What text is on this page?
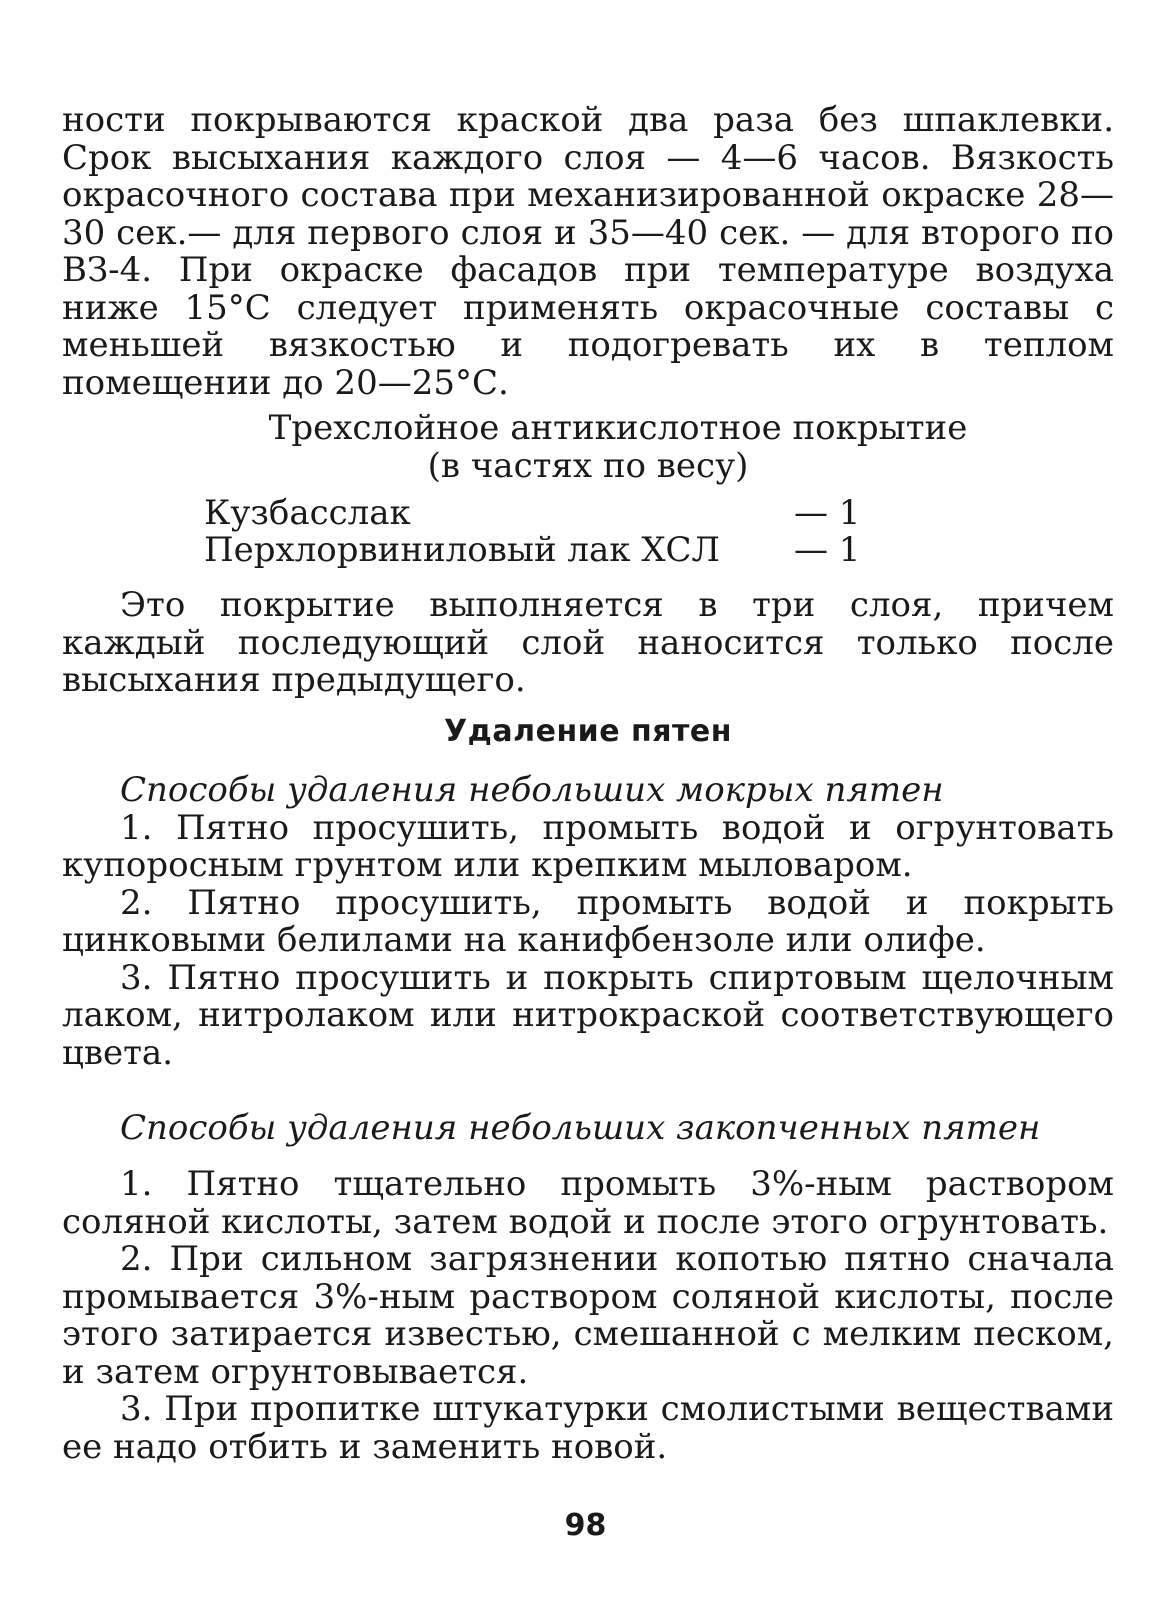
ности покрываются краской два раза без шпаклевки. Срок высыхания каждого слоя — 4—6 часов. Вязкость окрасочного состава при механизированной окраске 28—30 сек.— для первого слоя и 35—40 сек. — для второго по ВЗ-4. При окраске фасадов при температуре воздуха ниже 15°С следует применять окрасочные составы с меньшей вязкостью и подогревать их в теплом помещении до 20—25°С.

Трехслойное антикислотное покрытие
(в частях по весу)
Кузбасслак	— 1
Перхлорвиниловый лак ХСЛ	— 1

Это покрытие выполняется в три слоя, причем каждый последующий слой наносится только после высыхания предыдущего.

Удаление пятен
Способы удаления небольших мокрых пятен

1. Пятно просушить, промыть водой и огрунтовать купоросным грунтом или крепким мыловаром.

2. Пятно просушить, промыть водой и покрыть цинковыми белилами на канифбензоле или олифе.

3. Пятно просушить и покрыть спиртовым щелочным лаком, нитролаком или нитрокраской соответствующего цвета.

Способы удаления небольших закопченных пятен

1. Пятно тщательно промыть 3%-ным раствором соляной кислоты, затем водой и после этого огрунтовать.

2. При сильном загрязнении копотью пятно сначала промывается 3%-ным раствором соляной кислоты, после этого затирается известью, смешанной с мелким песком, и затем огрунтовывается.

3. При пропитке штукатурки смолистыми веществами ее надо отбить и заменить новой.

98
